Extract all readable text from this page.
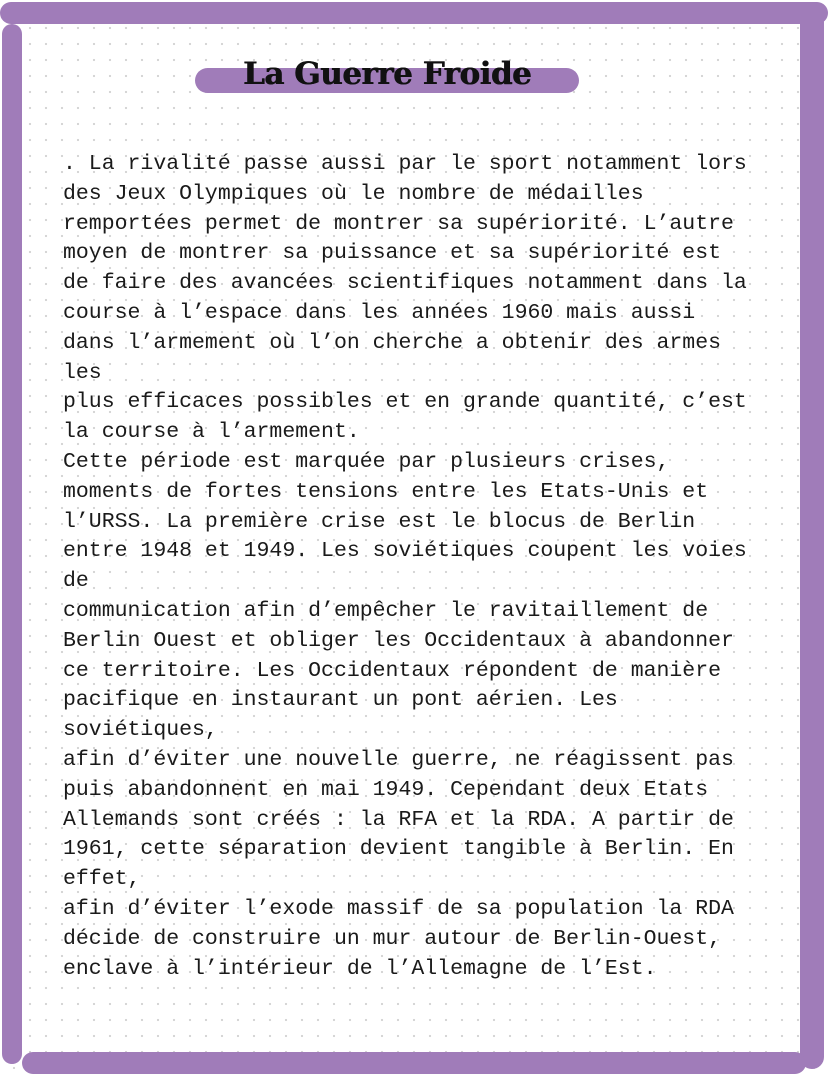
La Guerre Froide
. La rivalité passe aussi par le sport notamment lors
des Jeux Olympiques où le nombre de médailles
remportées permet de montrer sa supériorité. L’autre
moyen de montrer sa puissance et sa supériorité est
de faire des avancées scientifiques notamment dans la
course à l’espace dans les années 1960 mais aussi
dans l’armement où l’on cherche a obtenir des armes
les
plus efficaces possibles et en grande quantité, c’est
la course à l’armement.
Cette période est marquée par plusieurs crises,
moments de fortes tensions entre les Etats-Unis et
l’URSS. La première crise est le blocus de Berlin
entre 1948 et 1949. Les soviétiques coupent les voies
de
communication afin d’empêcher le ravitaillement de
Berlin Ouest et obliger les Occidentaux à abandonner
ce territoire. Les Occidentaux répondent de manière
pacifique en instaurant un pont aérien. Les
soviétiques,
afin d’éviter une nouvelle guerre, ne réagissent pas
puis abandonnent en mai 1949. Cependant deux Etats
Allemands sont créés : la RFA et la RDA. A partir de
1961, cette séparation devient tangible à Berlin. En
effet,
afin d’éviter l’exode massif de sa population la RDA
décide de construire un mur autour de Berlin-Ouest,
enclave à l’intérieur de l’Allemagne de l’Est.
